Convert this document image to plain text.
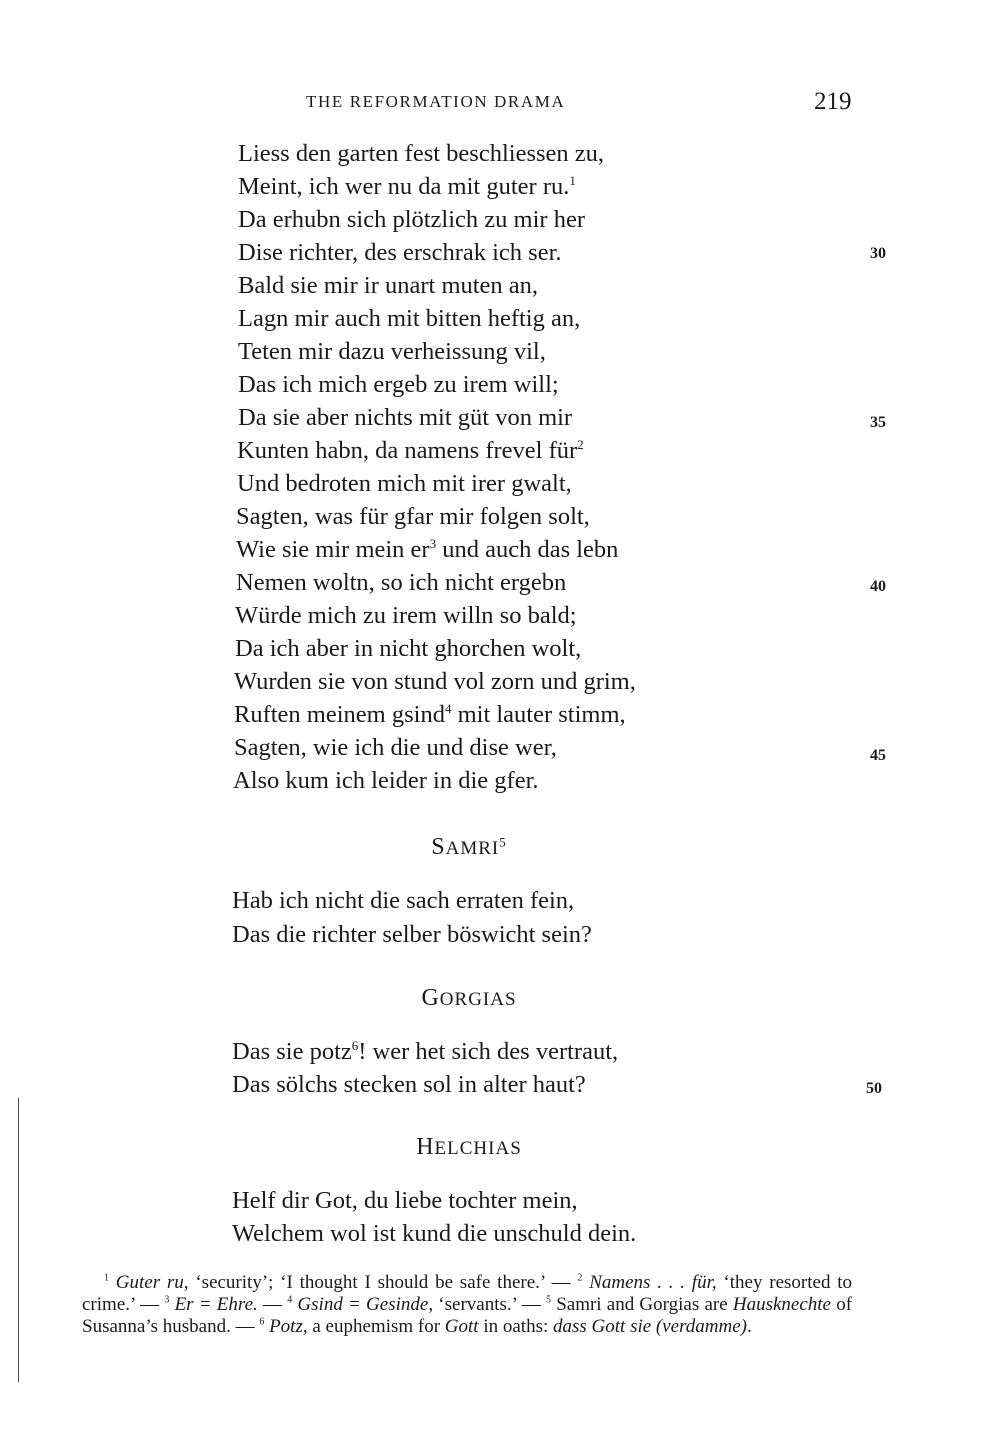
THE REFORMATION DRAMA	219
Liess den garten fest beschliessen zu,
Meint, ich wer nu da mit guter ru.$^1$
Da erhubn sich plötzlich zu mir her
Dise richter, des erschrak ich ser.
Bald sie mir ir unart muten an,
Lagn mir auch mit bitten heftig an,
Teten mir dazu verheissung vil,
Das ich mich ergeb zu irem will;
Da sie aber nichts mit güt von mir
Kunten habn, da namens frevel für$^2$
Und bedroten mich mit irer gwalt,
Sagten, was für gfar mir folgen solt,
Wie sie mir mein $er^3$ und auch das lebn
Nemen woltn, so ich nicht ergebn
Würde mich zu irem willn so bald;
Da ich aber in nicht ghorchen wolt,
Wurden sie von stund vol zorn und grim,
Ruften meinem gsind$^4$ mit lauter stimm,
Sagten, wie ich die und dise wer,
Also kum ich leider in die gfer.
30
35
40
45
50
SAMRI$^5$
Hab ich nicht die sach erraten fein,
Das die richter selber böswicht sein?
GORGIAS
Das sie potz$^6$! wer het sich des vertraut,
Das sölchs stecken sol in alter haut?
HELCHIAS
Helf dir Got, du liebe tochter mein,
Welchem wol ist kund die unschuld dein.

$^1$ Guter ru, ‘security’; ‘I thought I should be safe there.’ — $^2$ Namens . . . für, ‘they resorted to crime.’ — $^3$ Er = Ehre. — $^4$ Gsind = Gesinde, ‘servants.’ — $^5$ Samri and Gorgias are Hausknechte of Susanna’s husband. — $^6$ Potz, a euphemism for Gott in oaths: dass Gott sie (verdamme).
